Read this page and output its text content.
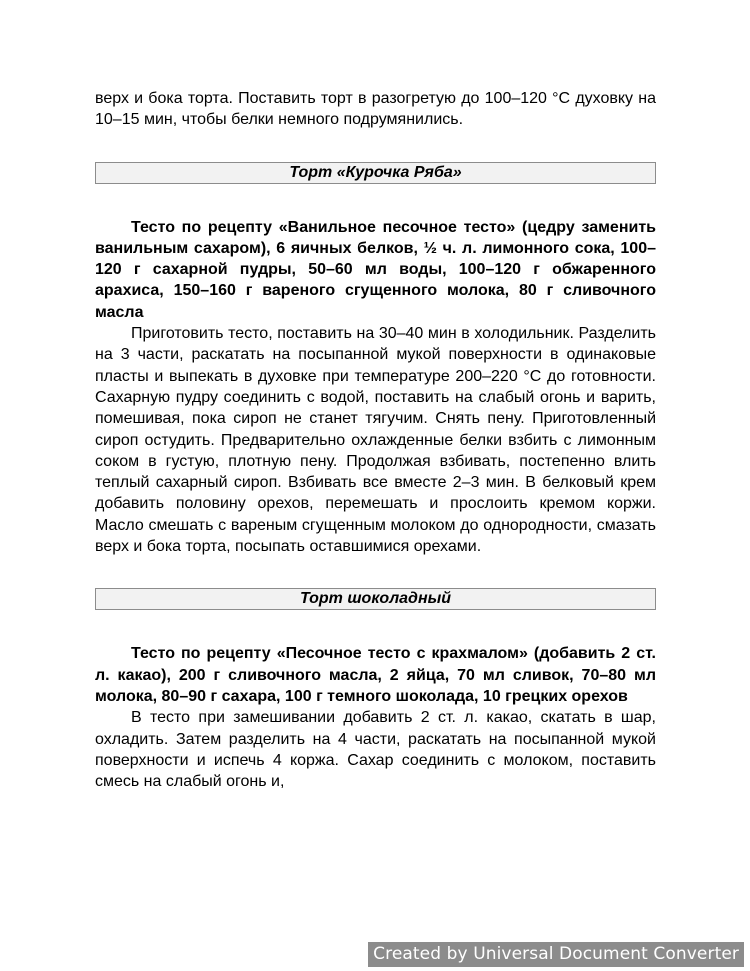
верх и бока торта. Поставить торт в разогретую до 100–120 °С духовку на 10–15 мин, чтобы белки немного подрумянились.

Торт «Курочка Ряба»

Тесто по рецепту «Ванильное песочное тесто» (цедру заменить ванильным сахаром), 6 яичных белков, ½ ч. л. лимонного сока, 100–120 г сахарной пудры, 50–60 мл воды, 100–120 г обжаренного арахиса, 150–160 г вареного сгущенного молока, 80 г сливочного масла

Приготовить тесто, поставить на 30–40 мин в холодильник. Разделить на 3 части, раскатать на посыпанной мукой поверхности в одинаковые пласты и выпекать в духовке при температуре 200–220 °С до готовности. Сахарную пудру соединить с водой, поставить на слабый огонь и варить, помешивая, пока сироп не станет тягучим. Снять пену. Приготовленный сироп остудить. Предварительно охлажденные белки взбить с лимонным соком в густую, плотную пену. Продолжая взбивать, постепенно влить теплый сахарный сироп. Взбивать все вместе 2–3 мин. В белковый крем добавить половину орехов, перемешать и прослоить кремом коржи. Масло смешать с вареным сгущенным молоком до однородности, смазать верх и бока торта, посыпать оставшимися орехами.

Торт шоколадный

Тесто по рецепту «Песочное тесто с крахмалом» (добавить 2 ст. л. какао), 200 г сливочного масла, 2 яйца, 70 мл сливок, 70–80 мл молока, 80–90 г сахара, 100 г темного шоколада, 10 грецких орехов

В тесто при замешивании добавить 2 ст. л. какао, скатать в шар, охладить. Затем разделить на 4 части, раскатать на посыпанной мукой поверхности и испечь 4 коржа. Сахар соединить с молоком, поставить смесь на слабый огонь и,

Created by Universal Document Converter
